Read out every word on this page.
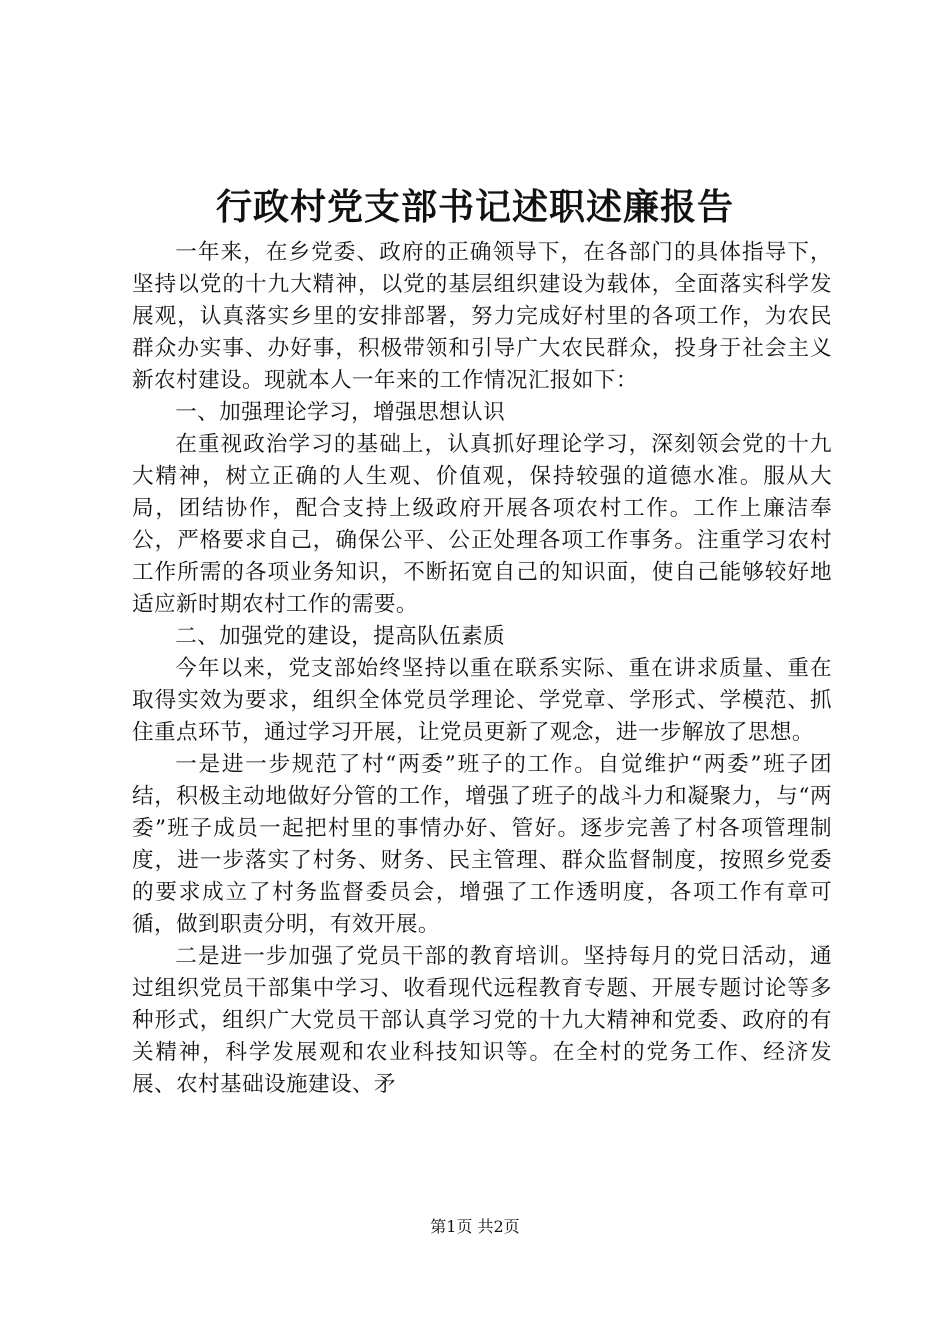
行政村党支部书记述职述廉报告

一年来，在乡党委、政府的正确领导下，在各部门的具体指导下，坚持以党的十九大精神，以党的基层组织建设为载体，全面落实科学发展观，认真落实乡里的安排部署，努力完成好村里的各项工作，为农民群众办实事、办好事，积极带领和引导广大农民群众，投身于社会主义新农村建设。现就本人一年来的工作情况汇报如下：

一、加强理论学习，增强思想认识

在重视政治学习的基础上，认真抓好理论学习，深刻领会党的十九大精神，树立正确的人生观、价值观，保持较强的道德水准。服从大局，团结协作，配合支持上级政府开展各项农村工作。工作上廉洁奉公，严格要求自己，确保公平、公正处理各项工作事务。注重学习农村工作所需的各项业务知识，不断拓宽自己的知识面，使自己能够较好地适应新时期农村工作的需要。

二、加强党的建设，提高队伍素质

今年以来，党支部始终坚持以重在联系实际、重在讲求质量、重在取得实效为要求，组织全体党员学理论、学党章、学形式、学模范、抓住重点环节，通过学习开展，让党员更新了观念，进一步解放了思想。

一是进一步规范了村“两委”班子的工作。自觉维护“两委”班子团结，积极主动地做好分管的工作，增强了班子的战斗力和凝聚力，与“两委”班子成员一起把村里的事情办好、管好。逐步完善了村各项管理制度，进一步落实了村务、财务、民主管理、群众监督制度，按照乡党委的要求成立了村务监督委员会，增强了工作透明度，各项工作有章可循，做到职责分明，有效开展。

二是进一步加强了党员干部的教育培训。坚持每月的党日活动，通过组织党员干部集中学习、收看现代远程教育专题、开展专题讨论等多种形式，组织广大党员干部认真学习党的十九大精神和党委、政府的有关精神，科学发展观和农业科技知识等。在全村的党务工作、经济发展、农村基础设施建设、矛

第1页 共2页
